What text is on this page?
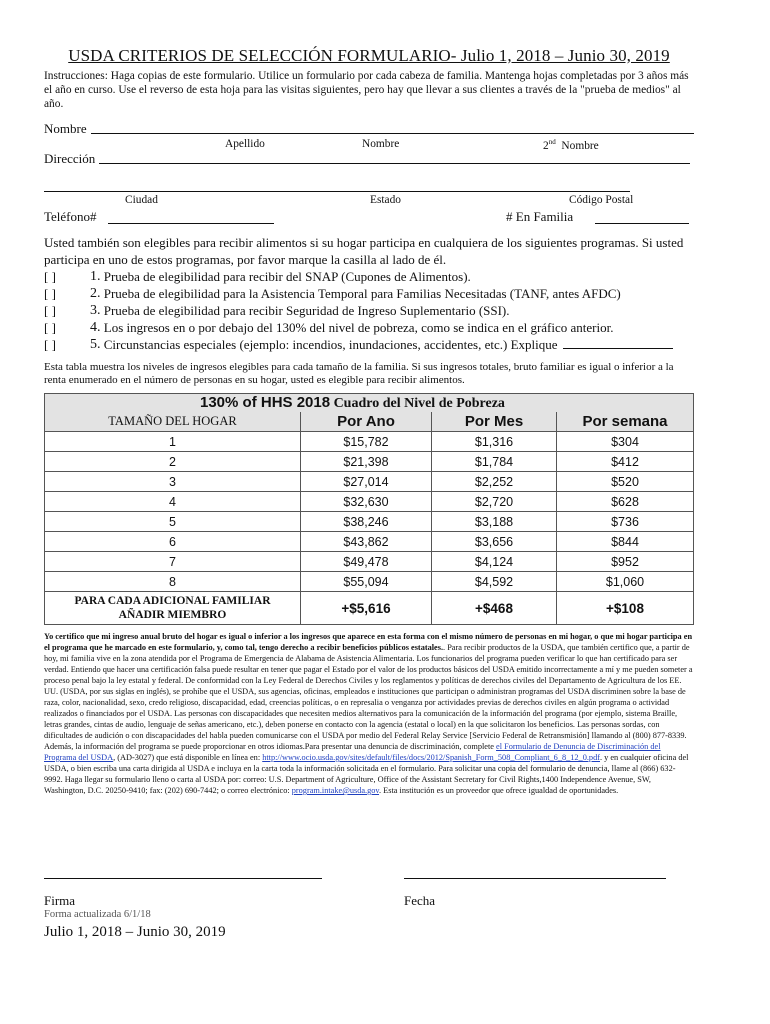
USDA CRITERIOS DE SELECCIÓN FORMULARIO- Julio 1, 2018 – Junio 30, 2019

Instrucciones: Haga copias de este formulario. Utilice un formulario por cada cabeza de familia. Mantenga hojas completadas por 3 años más el año en curso. Use el reverso de esta hoja para las visitas siguientes, pero hay que llevar a sus clientes a través de la "prueba de medios" al año.

Nombre
Apellido	Nombre	2nd Nombre
Dirección
Ciudad	Estado	Código Postal
Teléfono#	# En Familia

Usted también son elegibles para recibir alimentos si su hogar participa en cualquiera de los siguientes programas. Si usted participa en uno de estos programas, por favor marque la casilla al lado de él.

[ ]	1.
Prueba de elegibilidad para recibir del SNAP (Cupones de Alimentos).
[ ]	2.
Prueba de elegibilidad para la Asistencia Temporal para Familias Necesitadas (TANF, antes AFDC)
[ ]	3.
Prueba de elegibilidad para recibir Seguridad de Ingreso Suplementario (SSI).
[ ]	4.
Los ingresos en o por debajo del 130% del nivel de pobreza, como se indica en el gráfico anterior.
[ ]	5.
Circunstancias especiales (ejemplo: incendios, inundaciones, accidentes, etc.) Explique

Esta tabla muestra los niveles de ingresos elegibles para cada tamaño de la familia. Si sus ingresos totales, bruto familiar es igual o inferior a la renta enumerado en el número de personas en su hogar, usted es elegible para recibir alimentos.

130% of HHS 2018 Cuadro del Nivel de Pobreza			
TAMAÑO DEL HOGAR	Por Ano	Por Mes	Por semana
1	$15,782	$1,316	$304
2	$21,398	$1,784	$412
3	$27,014	$2,252	$520
4	$32,630	$2,720	$628
5	$38,246	$3,188	$736
6	$43,862	$3,656	$844
7	$49,478	$4,124	$952
8	$55,094	$4,592	$1,060
PARA CADA ADICIONAL FAMILIAR
AÑADIR MIEMBRO	+$5,616	+$468	+$108
Yo certifico que mi ingreso anual bruto del hogar es igual o inferior a los ingresos que aparece en esta forma con el mismo número de personas en mi hogar, o que mi hogar participa en el programa que he marcado en este formulario, y, como tal, tengo derecho a recibir beneficios públicos estatales.. Para recibir productos de la USDA, que también certifico que, a partir de hoy, mi familia vive en la zona atendida por el Programa de Emergencia de Alabama de Asistencia Alimentaria. Los funcionarios del programa pueden verificar lo que han certificado para ser verdad. Entiendo que hacer una certificación falsa puede resultar en tener que pagar el Estado por el valor de los productos básicos del USDA emitido incorrectamente a mí y me pueden someter a proceso penal bajo la ley estatal y federal. De conformidad con la Ley Federal de Derechos Civiles y los reglamentos y políticas de derechos civiles del Departamento de Agricultura de los EE. UU. (USDA, por sus siglas en inglés), se prohíbe que el USDA, sus agencias, oficinas, empleados e instituciones que participan o administran programas del USDA discriminen sobre la base de raza, color, nacionalidad, sexo, credo religioso, discapacidad, edad, creencias políticas, o en represalia o venganza por actividades previas de derechos civiles en algún programa o actividad realizados o financiados por el USDA. Las personas con discapacidades que necesiten medios alternativos para la comunicación de la información del programa (por ejemplo, sistema Braille, letras grandes, cintas de audio, lenguaje de señas americano, etc.), deben ponerse en contacto con la agencia (estatal o local) en la que solicitaron los beneficios. Las personas sordas, con dificultades de audición o con discapacidades del habla pueden comunicarse con el USDA por medio del Federal Relay Service [Servicio Federal de Retransmisión] llamando al (800) 877-8339. Además, la información del programa se puede proporcionar en otros idiomas.Para presentar una denuncia de discriminación, complete el Formulario de Denuncia de Discriminación del Programa del USDA, (AD-3027) que está disponible en línea en: http://www.ocio.usda.gov/sites/default/files/docs/2012/Spanish_Form_508_Compliant_6_8_12_0.pdf. y en cualquier oficina del USDA, o bien escriba una carta dirigida al USDA e incluya en la carta toda la información solicitada en el formulario. Para solicitar una copia del formulario de denuncia, llame al (866) 632-9992. Haga llegar su formulario lleno o carta al USDA por: correo: U.S. Department of Agriculture, Office of the Assistant Secretary for Civil Rights,1400 Independence Avenue, SW, Washington, D.C. 20250-9410; fax: (202) 690-7442; o correo electrónico: program.intake@usda.gov. Esta institución es un proveedor que ofrece igualdad de oportunidades.
Firma	Fecha
Forma actualizada 6/1/18
Julio 1, 2018 – Junio 30, 2019
